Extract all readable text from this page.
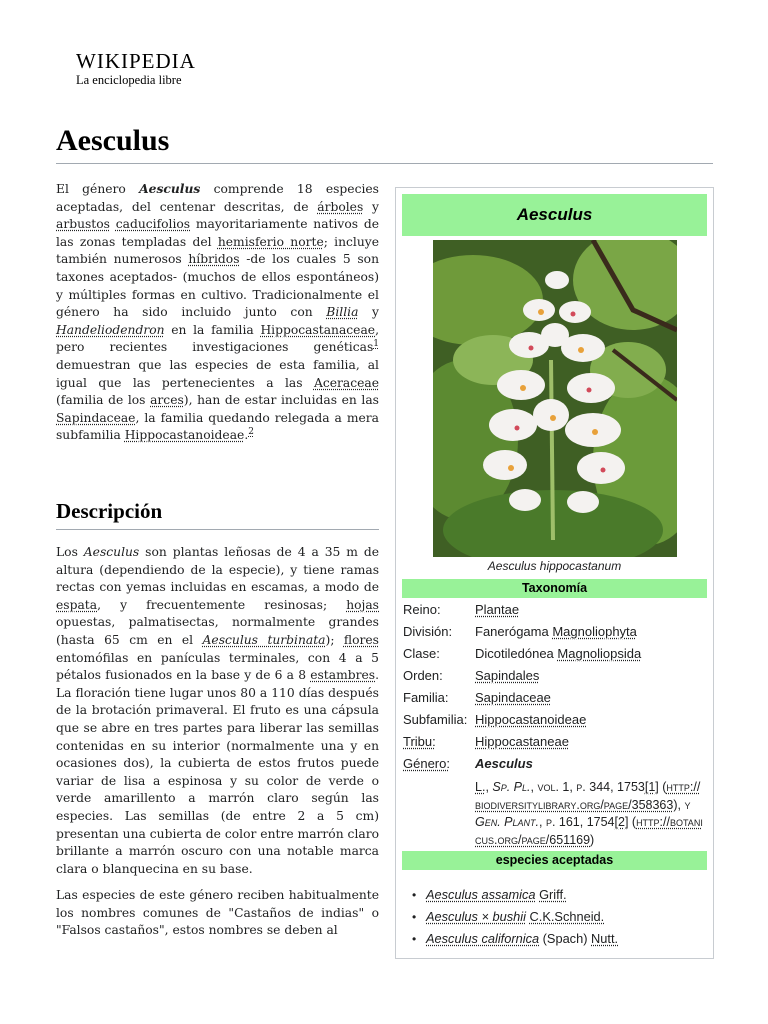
WIKIPEDIA
La enciclopedia libre
Aesculus

El género Aesculus comprende 18 especies aceptadas, del centenar descritas, de árboles y arbustos caducifolios mayoritariamente nativos de las zonas templadas del hemisferio norte; incluye también numerosos híbridos -de los cuales 5 son taxones aceptados- (muchos de ellos espontáneos) y múltiples formas en cultivo. Tradicionalmente el género ha sido incluido junto con Billia y Handeliodendron en la familia Hippocastanaceae, pero recientes investigaciones genéticas$^1$ demuestran que las especies de esta familia, al igual que las pertenecientes a las Aceraceae (familia de los arces), han de estar incluidas en las Sapindaceae, la familia quedando relegada a mera subfamilia Hippocastanoideae.$^2$

Descripción

Los Aesculus son plantas leñosas de 4 a 35 m de altura (dependiendo de la especie), y tiene ramas rectas con yemas incluidas en escamas, a modo de espata, y frecuentemente resinosas; hojas opuestas, palmatisectas, normalmente grandes (hasta 65 cm en el Aesculus turbinata); flores entomófilas en panículas terminales, con 4 a 5 pétalos fusionados en la base y de 6 a 8 estambres. La floración tiene lugar unos 80 a 110 días después de la brotación primaveral. El fruto es una cápsula que se abre en tres partes para liberar las semillas contenidas en su interior (normalmente una y en ocasiones dos), la cubierta de estos frutos puede variar de lisa a espinosa y su color de verde o verde amarillento a marrón claro según las especies. Las semillas (de entre 2 a 5 cm) presentan una cubierta de color entre marrón claro brillante a marrón oscuro con una notable marca clara o blanquecina en su base.

Las especies de este género reciben habitualmente los nombres comunes de "Castaños de indias" o "Falsos castaños", estos nombres se deben al

Aesculus
Aesculus hippocastanum
Taxonomía
Reino:	Plantae
División: Fanerógama Magnoliophyta
Clase:	Dicotiledónea Magnoliopsida
Orden: Sapindales
Familia: Sapindaceae
Subfamilia: Hippocastanoideae
Tribu:	Hippocastaneae
Género: Aesculus
L., Sp. Pl., vol. 1, p. 344, 1753[1] (http://biodiversitylibrary.org/page/358363), y Gen. Plant., p. 161, 1754[2] (http://botanicus.org/page/651169)
especies aceptadas
• Aesculus assamica Griff.
• Aesculus × bushii C.K.Schneid.
• Aesculus californica (Spach) Nutt.
